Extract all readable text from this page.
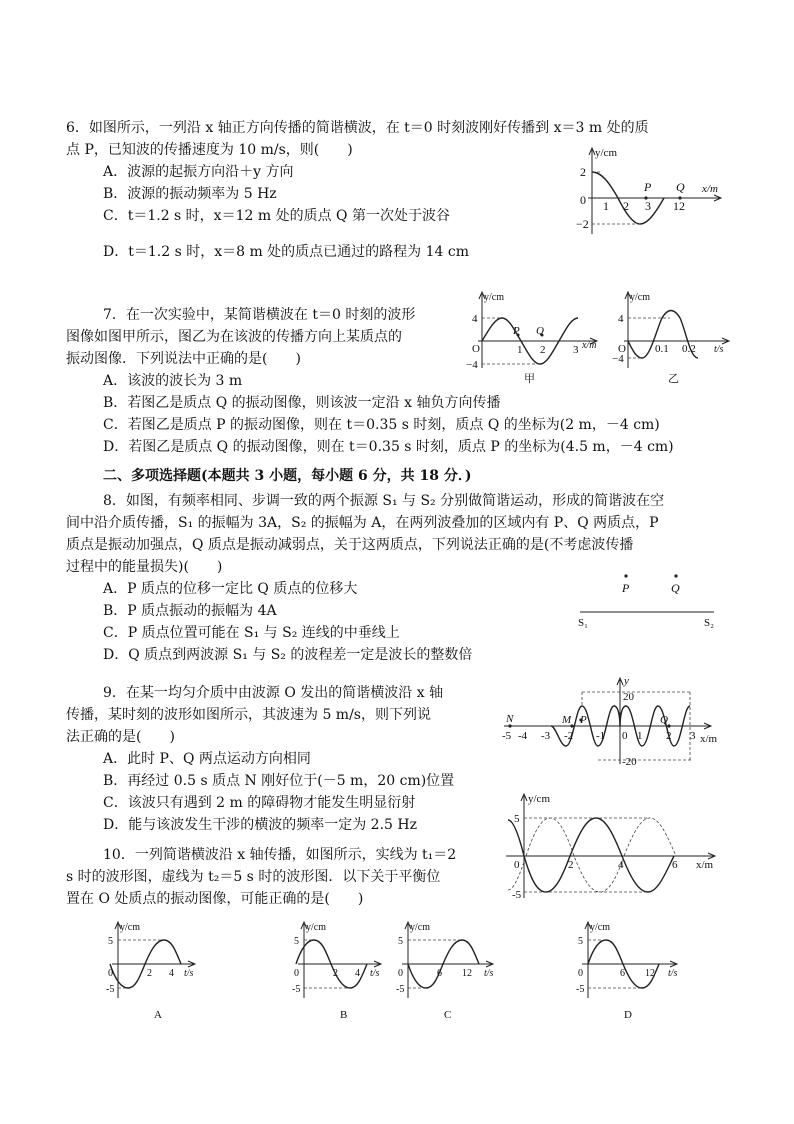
6．如图所示，一列沿 x 轴正方向传播的简谐横波，在 t＝0 时刻波刚好传播到 x＝3 m 处的质
点 P，已知波的传播速度为 10 m/s，则(　　)
A．波源的起振方向沿＋y 方向
B．波源的振动频率为 5 Hz
C．t＝1.2 s 时，x＝12 m 处的质点 Q 第一次处于波谷
D．t＝1.2 s 时，x＝8 m 处的质点已通过的路程为 14 cm
y/cm
x/m
2
−2
0 1 2 3 12
P Q
7．在一次实验中，某简谐横波在 t＝0 时刻的波形
图像如图甲所示，图乙为在该波的传播方向上某质点的
振动图像．下列说法中正确的是(　　)
A．该波的波长为 3 m
B．若图乙是质点 Q 的振动图像，则该波一定沿 x 轴负方向传播
C．若图乙是质点 P 的振动图像，则在 t＝0.35 s 时刻，质点 Q 的坐标为(2 m，－4 cm)
D．若图乙是质点 Q 的振动图像，则在 t＝0.35 s 时刻，质点 P 的坐标为(4.5 m，－4 cm)
y/cm
x/m
4
−4
O	1 2	3
P Q
甲
y/cm
t/s
4
−4
O	0.1 0.2
乙
二、多项选择题(本题共 3 小题，每小题 6 分，共 18 分．)
8．如图，有频率相同、步调一致的两个振源 S₁ 与 S₂ 分别做简谐运动，形成的简谐波在空
间中沿介质传播，S₁ 的振幅为 3A，S₂ 的振幅为 A，在两列波叠加的区域内有 P、Q 两质点，P
质点是振动加强点，Q 质点是振动减弱点，关于这两质点，下列说法正确的是(不考虑波传播
过程中的能量损失)(　　)
A．P 质点的位移一定比 Q 质点的位移大
B．P 质点振动的振幅为 4A
C．P 质点位置可能在 S₁ 与 S₂ 连线的中垂线上
D．Q 质点到两波源 S₁ 与 S₂ 的波程差一定是波长的整数倍
P	Q
S₁	S₂
9．在某一均匀介质中由波源 O 发出的简谐横波沿 x 轴
传播，某时刻的波形如图所示，其波速为 5 m/s，则下列说
法正确的是(　　)
A．此时 P、Q 两点运动方向相同
B．再经过 0.5 s 质点 N 刚好位于(－5 m，20 cm)位置
C．该波只有遇到 2 m 的障碍物才能发生明显衍射
D．能与该波发生干涉的横波的频率一定为 2.5 Hz
y
x/m
20
-20
0
-5 -4 -3 -2 -1	1 2 3
N	M P	Q
10．一列简谐横波沿 x 轴传播，如图所示，实线为 t₁＝2
s 时的波形图，虚线为 t₂＝5 s 时的波形图．以下关于平衡位
置在 O 处质点的振动图像，可能正确的是(　　)
y/cm
x/m
5
-5
0	2	4	6
y/cm
t/s
5
-5
0	2 4
A
y/cm
t/s
5
-5
0	2 4
B
y/cm
t/s
5
-5
0	6 12
C
y/cm
t/s
5
-5
0	6 12
D
